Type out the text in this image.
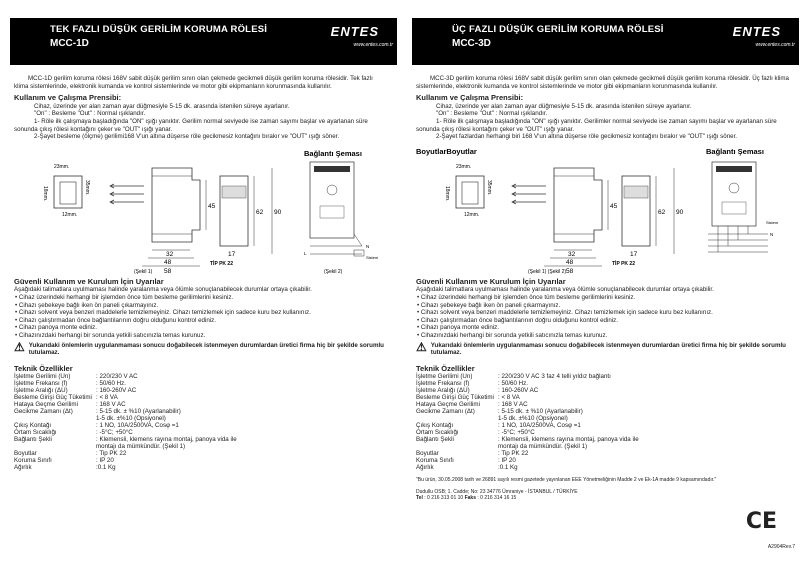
TEK FAZLI DÜŞÜK GERİLİM KORUMA RÖLESİ
MCC-1D
ENTES
www.entes.com.tr

MCC-1D gerilim koruma rölesi 168V sabit düşük gerilim sınırı olan çekmede gecikmeli düşük gerilim koruma rölesidir. Tek fazlı klima sistemlerinde, elektronik kumanda ve kontrol sistemlerinde ve motor gibi ekipmanların korunmasında kullanılır.

Kullanım ve Çalışma Prensibi:

Cihaz, üzerinde yer alan zaman ayar düğmesiyle 5-15 dk. arasında istenilen süreye ayarlanır.

"On" : Besleme "Out" : Normal ışıklandır.

1- Röle ilk çalışmaya başladığında "ON" ışığı yanıktır. Gerilim normal seviyede ise zaman sayımı başlar ve ayarlanan süre sonunda çıkış rölesi kontağını çeker ve "OUT" ışığı yanar.

2-Şayet besleme (ölçme) gerilimi168 V'un altına düşerse röle gecikmesiz kontağını bırakır ve "OUT" ışığı söner.

23mm.
18mm.	35mm.
12mm.
45
32
48
58
62 90
17
TİP PK 22
(Şekil 1)
Bağlantı Şeması
N
L
Sistem
(Şekil 2)
Güvenli Kullanım ve Kurulum İçin Uyarılar

Aşağıdaki talimatlara uyulmaması halinde yaralanma veya ölümle sonuçlanabilecek durumlar ortaya çıkabilir.

• Cihaz üzerindeki herhangi bir işlemden önce tüm besleme gerilimlerini kesiniz.

• Cihazı şebekeye bağlı iken ön paneli çıkarmayınız.

• Cihazı solvent veya benzeri maddelerle temizlemeyiniz. Cihazı temizlemek için sadece kuru bez kullanınız.

• Cihazı çalıştırmadan önce bağlantılarının doğru olduğunu kontrol ediniz.

• Cihazı panoya monte ediniz.

• Cihazınızdaki herhangi bir sorunda yetkili satıcınızla temas kurunuz.

⚠ Yukarıdaki önlemlerin uygulanmaması sonucu doğabilecek istenmeyen durumlardan üretici firma hiç bir şekilde sorumlu tutulamaz.
Teknik Özellikler
İşletme Gerilimi (Un)	: 220/230 V AC
İşletme Frekansı (f)	: 50/60 Hz.
İşletme Aralığı (ΔU)	: 160-260V AC
Besleme Girişi Güç Tüketimi	: < 8 VA
Hataya Geçme Gerilimi	: 168 V AC
Gecikme Zamanı (Δt)	: 5-15 dk. ± %10 (Ayarlanabilir)
1-5 dk. ±%10 (Opsiyonel)
Çıkış Kontağı	: 1 NO, 10A/2500VA, Cosφ =1
Ortam Sıcaklığı	: -5°C; +50°C
Bağlantı Şekli	: Klemensli, klemens rayına montaj, panoya vida ile
montajı da mümkündür. (Şekil 1)
Boyutlar	: Tip PK 22
Koruma Sınıfı	: IP 20
Ağırlık	:0.1 Kg
ÜÇ FAZLI DÜŞÜK GERİLİM KORUMA RÖLESİ
MCC-3D
ENTES
www.entes.com.tr

MCC-3D gerilim koruma rölesi 168V sabit düşük gerilim sınırı olan çekmede gecikmeli düşük gerilim koruma rölesidir. Üç fazlı klima sistemlerinde, elektronik kumanda ve kontrol sistemlerinde ve motor gibi ekipmanların korunmasında kullanılır.

Kullanım ve Çalışma Prensibi:

Cihaz, üzerinde yer alan zaman ayar düğmesiyle 5-15 dk. arasında istenilen süreye ayarlanır.

"On" : Besleme "Out" : Normal ışıklandır.

1- Röle ilk çalışmaya başladığında "ON" ışığı yanıktır. Gerilimler normal seviyede ise zaman sayımı başlar ve ayarlanan süre sonunda çıkış rölesi kontağını çeker ve "OUT" ışığı yanar.

2-Şayet fazlardan herhangi biri 168 V'un altına düşerse röle gecikmesiz kontağını bırakır ve "OUT" ışığı söner.

BoyutlarBoyutlar	Bağlantı Şeması
23mm.
18mm.	35mm.
12mm.
45
32
48
58
62 90
17
TİP PK 22
(Şekil 1) (Şekil 2)
N
Sistem
Güvenli Kullanım ve Kurulum İçin Uyarılar

Aşağıdaki talimatlara uyulmaması halinde yaralanma veya ölümle sonuçlanabilecek durumlar ortaya çıkabilir.

• Cihaz üzerindeki herhangi bir işlemden önce tüm besleme gerilimlerini kesiniz.

• Cihazı şebekeye bağlı iken ön paneli çıkarmayınız.

• Cihazı solvent veya benzeri maddelerle temizlemeyiniz. Cihazı temizlemek için sadece kuru bez kullanınız.

• Cihazı çalıştırmadan önce bağlantılarının doğru olduğunu kontrol ediniz.

• Cihazı panoya monte ediniz.

• Cihazınızdaki herhangi bir sorunda yetkili satıcınızla temas kurunuz.

⚠ Yukarıdaki önlemlerin uygulanmaması sonucu doğabilecek istenmeyen durumlardan üretici firma hiç bir şekilde sorumlu tutulamaz.
Teknik Özellikler
İşletme Gerilimi (Un)	: 220/230 V AC 3 faz 4 telli yıldız bağlantı
İşletme Frekansı (f)	: 50/60 Hz.
İşletme Aralığı (ΔU)	: 160-260V AC
Besleme Girişi Güç Tüketimi	: < 8 VA
Hataya Geçme Gerilimi	: 168 V AC
Gecikme Zamanı (Δt)	: 5-15 dk. ± %10 (Ayarlanabilir)
1-5 dk. ±%10 (Opsiyonel)
Çıkış Kontağı	: 1 NO, 10A/2500VA, Cosφ =1
Ortam Sıcaklığı	: -5°C; +50°C
Bağlantı Şekli	: Klemensli, klemens rayına montaj, panoya vida ile
montajı da mümkündür. (Şekil 1)
Boyutlar	: Tip PK 22
Koruma Sınıfı	: IP 20
Ağırlık	:0.1 Kg

"Bu ürün, 30.05.2008 tarih ve 26891 sayılı resmi gazetede yayınlanan EEE Yönetmeliğinin Madde 2 ve Ek-1A madde 9 kapsamındadır."

Dudullu OSB; 1. Cadde; No: 23 34776 Ümraniye - İSTANBUL / TÜRKİYE

Tel : 0 216 313 01 10 Faks : 0 216 314 16 15

CE
A2904Rev.7
